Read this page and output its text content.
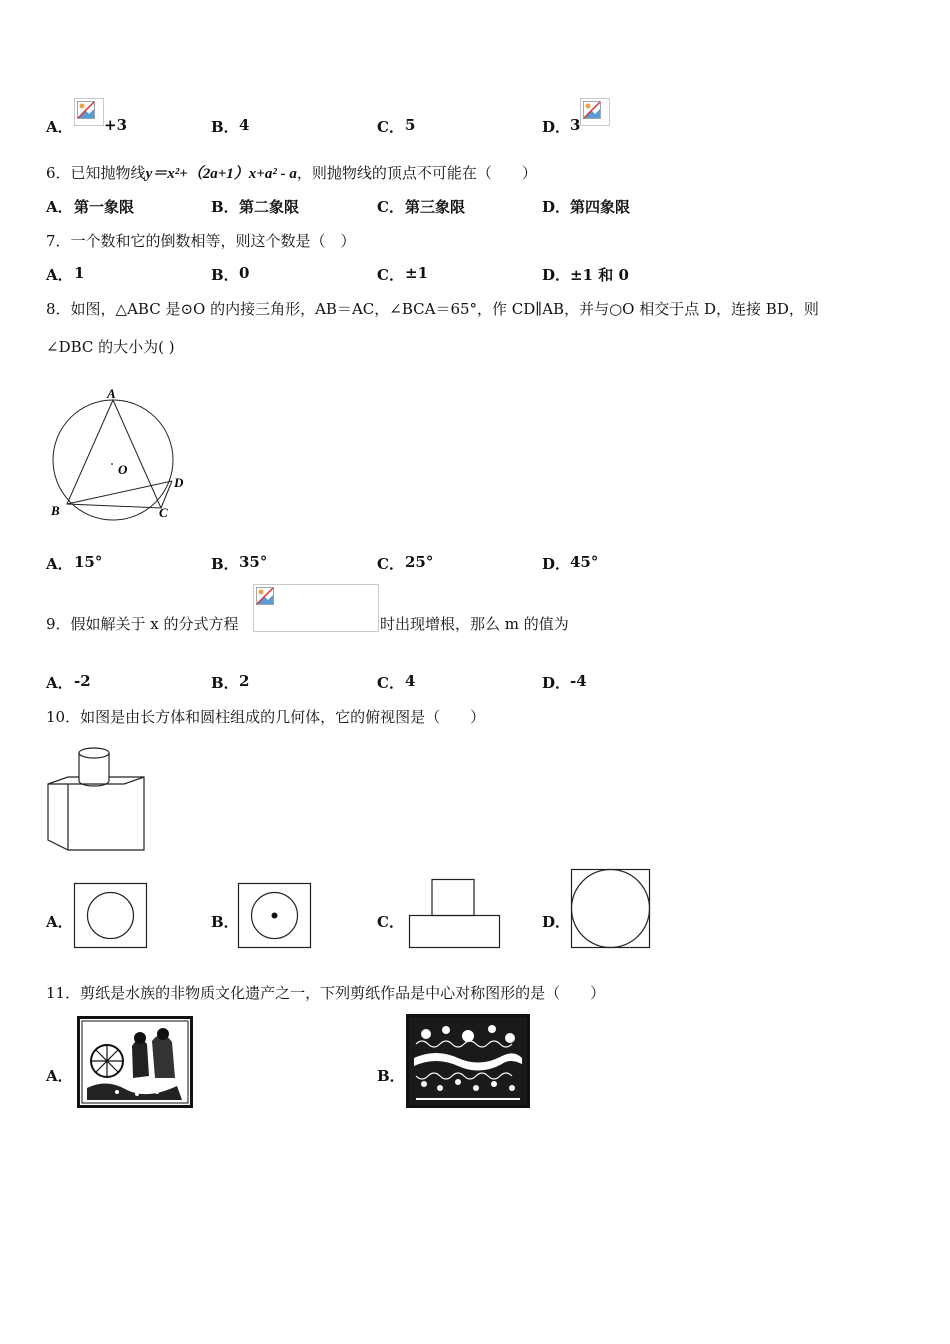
A． +3	B． 4	C． 5	D． 3
6．已知抛物线y＝x²+（2a+1）x+a² ‑ a，则抛物线的顶点不可能在（　　）
A． 第一象限	B． 第二象限	C． 第三象限	D． 第四象限
7．一个数和它的倒数相等，则这个数是（　）
A． 1	B． 0	C． ±1	D． ±1 和 0
8．如图，△ABC 是⊙O 的内接三角形，AB＝AC，∠BCA＝65°，作 CD∥AB，并与○O 相交于点 D，连接 BD，则
∠DBC 的大小为( )
A
O
B	C
D
A． 15°	B． 35°	C． 25°	D． 45°
9．假如解关于 x 的分式方程	时出现增根，那么 m 的值为
A． -2	B． 2	C． 4	D． -4
10．如图是由长方体和圆柱组成的几何体，它的俯视图是（　　）
A．	B．	C．	D．
11．剪纸是水族的非物质文化遗产之一，下列剪纸作品是中心对称图形的是（　　）
A．	B．
